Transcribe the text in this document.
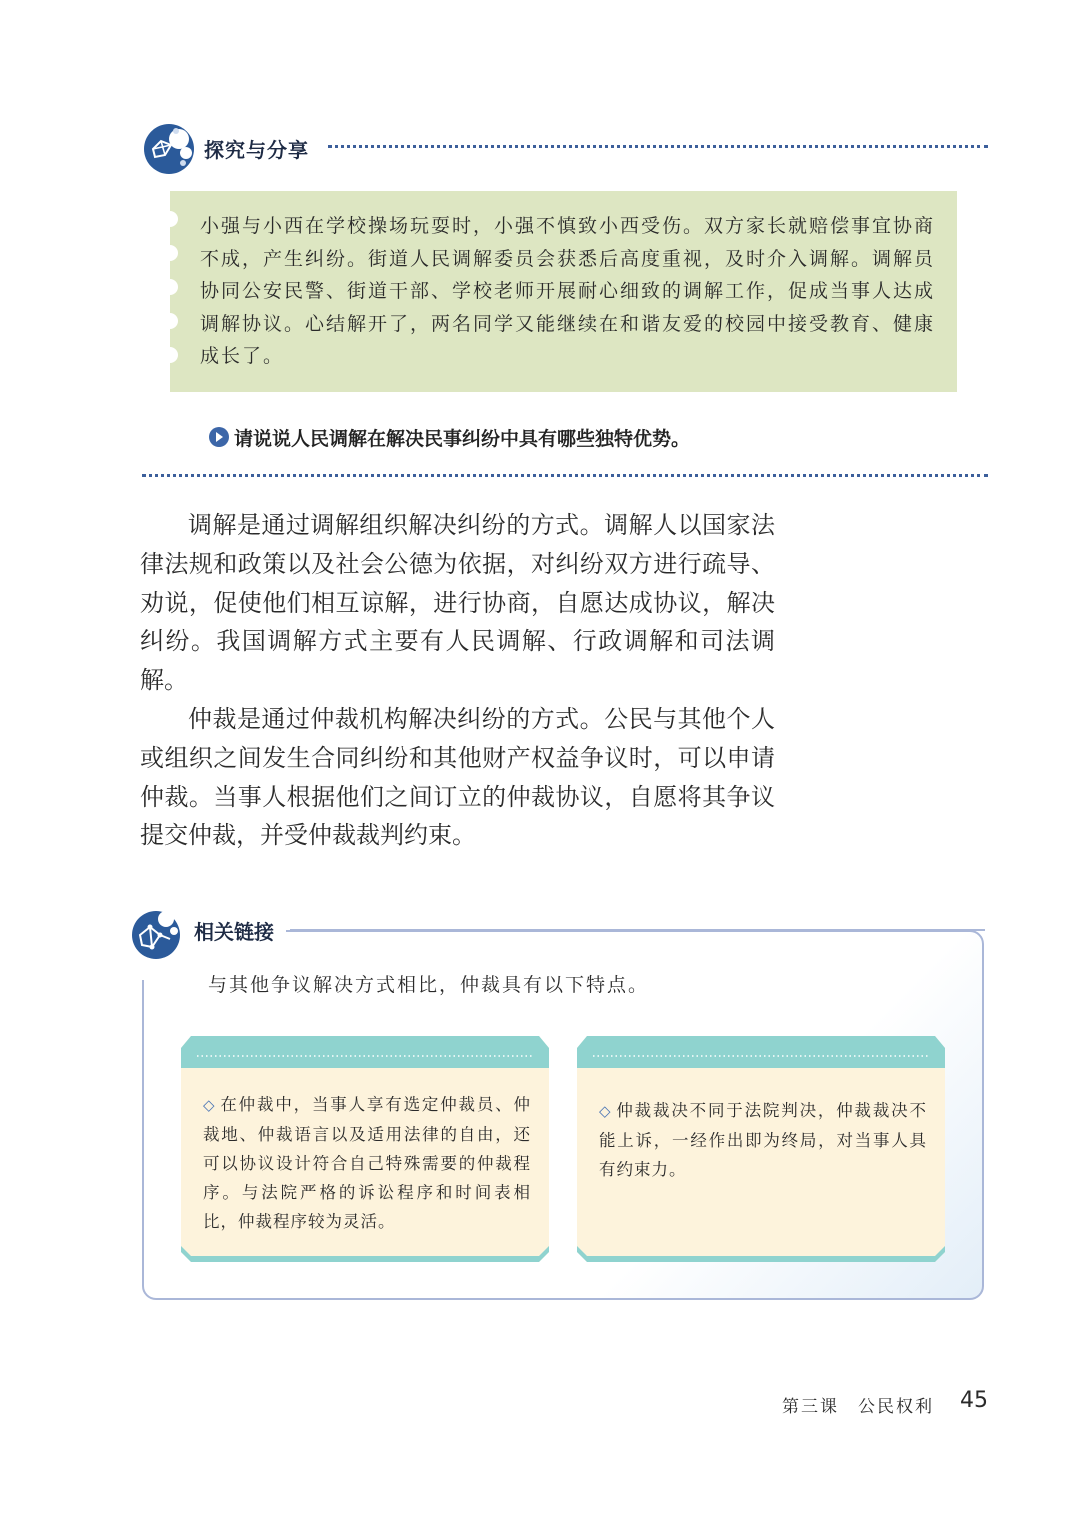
探究与分享
小强与小西在学校操场玩耍时，小强不慎致小西受伤。双方家长就赔偿事宜协商不成，产生纠纷。街道人民调解委员会获悉后高度重视，及时介入调解。调解员协同公安民警、街道干部、学校老师开展耐心细致的调解工作，促成当事人达成调解协议。心结解开了，两名同学又能继续在和谐友爱的校园中接受教育、健康成长了。
请说说人民调解在解决民事纠纷中具有哪些独特优势。

调解是通过调解组织解决纠纷的方式。调解人以国家法律法规和政策以及社会公德为依据，对纠纷双方进行疏导、劝说，促使他们相互谅解，进行协商，自愿达成协议，解决纠纷。我国调解方式主要有人民调解、行政调解和司法调解。

仲裁是通过仲裁机构解决纠纷的方式。公民与其他个人或组织之间发生合同纠纷和其他财产权益争议时，可以申请仲裁。当事人根据他们之间订立的仲裁协议，自愿将其争议提交仲裁，并受仲裁裁判约束。

相关链接
与其他争议解决方式相比，仲裁具有以下特点。
◇ 在仲裁中，当事人享有选定仲裁员、仲裁地、仲裁语言以及适用法律的自由，还可以协议设计符合自己特殊需要的仲裁程序。与法院严格的诉讼程序和时间表相比，仲裁程序较为灵活。
◇ 仲裁裁决不同于法院判决，仲裁裁决不能上诉，一经作出即为终局，对当事人具有约束力。
第三课　公民权利 45
